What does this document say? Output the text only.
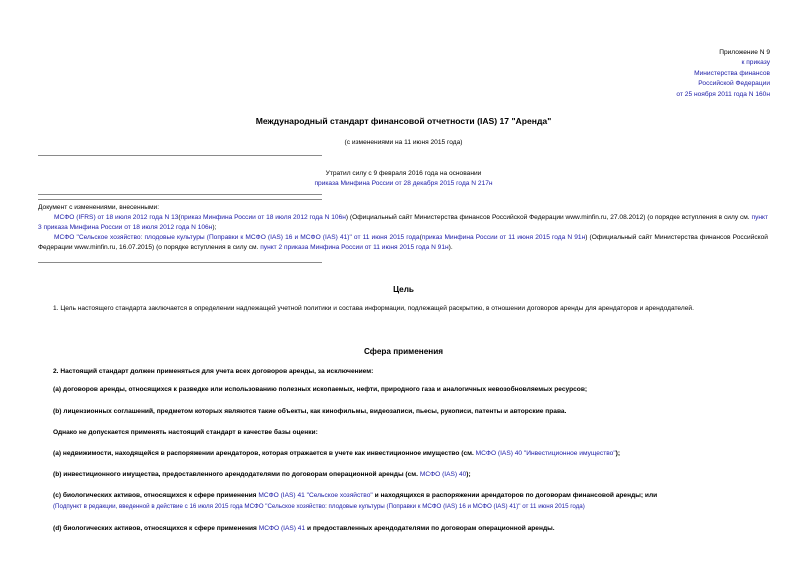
Приложение N 9
к приказу
Министерства финансов
Российской Федерации
от 25 ноября 2011 года N 160н
Международный стандарт финансовой отчетности (IAS) 17 "Аренда"
(с изменениями на 11 июня 2015 года)
Утратил силу с 9 февраля 2016 года на основании
приказа Минфина России от 28 декабря 2015 года N 217н

Документ с изменениями, внесенными:

МСФО (IFRS) от 18 июля 2012 года N 13(приказ Минфина России от 18 июля 2012 года N 106н) (Официальный сайт Министерства финансов Российской Федерации www.minfin.ru, 27.08.2012) (о порядке вступления в силу см. пункт 3 приказа Минфина России от 18 июля 2012 года N 106н);

МСФО "Сельское хозяйство: плодовые культуры (Поправки к МСФО (IAS) 16 и МСФО (IAS) 41)" от 11 июня 2015 года(приказ Минфина России от 11 июня 2015 года N 91н) (Официальный сайт Министерства финансов Российской Федерации www.minfin.ru, 16.07.2015) (о порядке вступления в силу см. пункт 2 приказа Минфина России от 11 июня 2015 года N 91н).

Цель
1. Цель настоящего стандарта заключается в определении надлежащей учетной политики и состава информации, подлежащей раскрытию, в отношении договоров аренды для арендаторов и арендодателей.
Сфера применения
2. Настоящий стандарт должен применяться для учета всех договоров аренды, за исключением:
(a) договоров аренды, относящихся к разведке или использованию полезных ископаемых, нефти, природного газа и аналогичных невозобновляемых ресурсов;
(b) лицензионных соглашений, предметом которых являются такие объекты, как кинофильмы, видеозаписи, пьесы, рукописи, патенты и авторские права.
Однако не допускается применять настоящий стандарт в качестве базы оценки:
(a) недвижимости, находящейся в распоряжении арендаторов, которая отражается в учете как инвестиционное имущество (см. МСФО (IAS) 40 "Инвестиционное имущество");
(b) инвестиционного имущества, предоставленного арендодателями по договорам операционной аренды (см. МСФО (IAS) 40);
(c) биологических активов, относящихся к сфере применения МСФО (IAS) 41 "Сельское хозяйство" и находящихся в распоряжении арендаторов по договорам финансовой аренды; или
(Подпункт в редакции, введенной в действие с 16 июля 2015 года МСФО "Сельское хозяйство: плодовые культуры (Поправки к МСФО (IAS) 16 и МСФО (IAS) 41)" от 11 июня 2015 года)
(d) биологических активов, относящихся к сфере применения МСФО (IAS) 41 и предоставленных арендодателями по договорам операционной аренды.
